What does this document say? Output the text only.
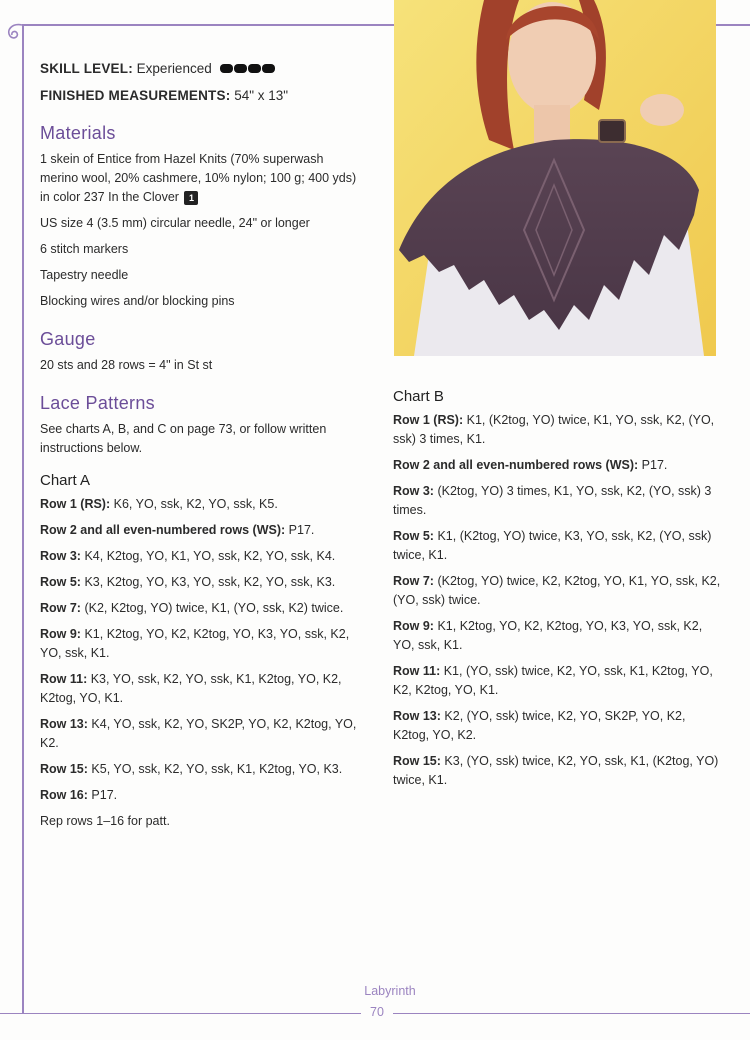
SKILL LEVEL: Experienced
FINISHED MEASUREMENTS: 54" x 13"
Materials

1 skein of Entice from Hazel Knits (70% superwash merino wool, 20% cashmere, 10% nylon; 100 g; 400 yds) in color 237 In the Clover 1

US size 4 (3.5 mm) circular needle, 24" or longer

6 stitch markers

Tapestry needle

Blocking wires and/or blocking pins

Gauge

20 sts and 28 rows = 4" in St st

Lace Patterns

See charts A, B, and C on page 73, or follow written instructions below.

Chart A

Row 1 (RS): K6, YO, ssk, K2, YO, ssk, K5.

Row 2 and all even-numbered rows (WS): P17.

Row 3: K4, K2tog, YO, K1, YO, ssk, K2, YO, ssk, K4.

Row 5: K3, K2tog, YO, K3, YO, ssk, K2, YO, ssk, K3.

Row 7: (K2, K2tog, YO) twice, K1, (YO, ssk, K2) twice.

Row 9: K1, K2tog, YO, K2, K2tog, YO, K3, YO, ssk, K2, YO, ssk, K1.

Row 11: K3, YO, ssk, K2, YO, ssk, K1, K2tog, YO, K2, K2tog, YO, K1.

Row 13: K4, YO, ssk, K2, YO, SK2P, YO, K2, K2tog, YO, K2.

Row 15: K5, YO, ssk, K2, YO, ssk, K1, K2tog, YO, K3.

Row 16: P17.

Rep rows 1–16 for patt.

Chart B

Row 1 (RS): K1, (K2tog, YO) twice, K1, YO, ssk, K2, (YO, ssk) 3 times, K1.

Row 2 and all even-numbered rows (WS): P17.

Row 3: (K2tog, YO) 3 times, K1, YO, ssk, K2, (YO, ssk) 3 times.

Row 5: K1, (K2tog, YO) twice, K3, YO, ssk, K2, (YO, ssk) twice, K1.

Row 7: (K2tog, YO) twice, K2, K2tog, YO, K1, YO, ssk, K2, (YO, ssk) twice.

Row 9: K1, K2tog, YO, K2, K2tog, YO, K3, YO, ssk, K2, YO, ssk, K1.

Row 11: K1, (YO, ssk) twice, K2, YO, ssk, K1, K2tog, YO, K2, K2tog, YO, K1.

Row 13: K2, (YO, ssk) twice, K2, YO, SK2P, YO, K2, K2tog, YO, K2.

Row 15: K3, (YO, ssk) twice, K2, YO, ssk, K1, (K2tog, YO) twice, K1.

Labyrinth
70
